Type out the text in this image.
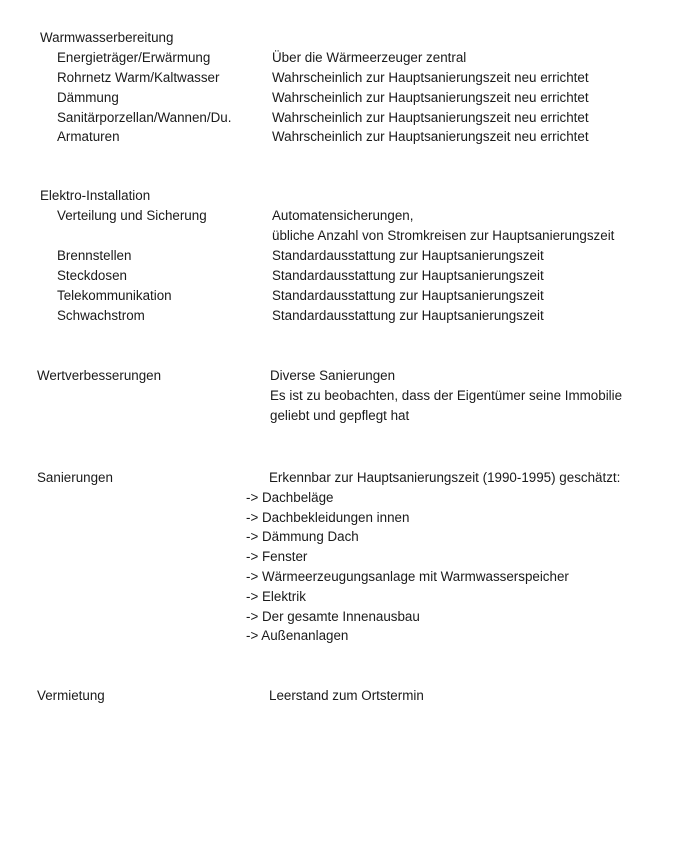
Warmwasserbereitung
Energieträger/Erwärmung	Über die Wärmeerzeuger zentral
Rohrnetz Warm/Kaltwasser	Wahrscheinlich zur Hauptsanierungszeit neu errichtet
Dämmung	Wahrscheinlich zur Hauptsanierungszeit neu errichtet
Sanitärporzellan/Wannen/Du.	Wahrscheinlich zur Hauptsanierungszeit neu errichtet
Armaturen	Wahrscheinlich zur Hauptsanierungszeit neu errichtet
Elektro-Installation
Verteilung und Sicherung	Automatensicherungen,
übliche Anzahl von Stromkreisen zur Hauptsanierungszeit
Brennstellen	Standardausstattung zur Hauptsanierungszeit
Steckdosen	Standardausstattung zur Hauptsanierungszeit
Telekommunikation	Standardausstattung zur Hauptsanierungszeit
Schwachstrom	Standardausstattung zur Hauptsanierungszeit
Wertverbesserungen	Diverse Sanierungen
Es ist zu beobachten, dass der Eigentümer seine Immobilie
geliebt und gepflegt hat
Sanierungen	Erkennbar zur Hauptsanierungszeit (1990-1995) geschätzt:
-> Dachbeläge
-> Dachbekleidungen innen
-> Dämmung Dach
-> Fenster
-> Wärmeerzeugungsanlage mit Warmwasserspeicher
-> Elektrik
-> Der gesamte Innenausbau
-> Außenanlagen
Vermietung	Leerstand zum Ortstermin
